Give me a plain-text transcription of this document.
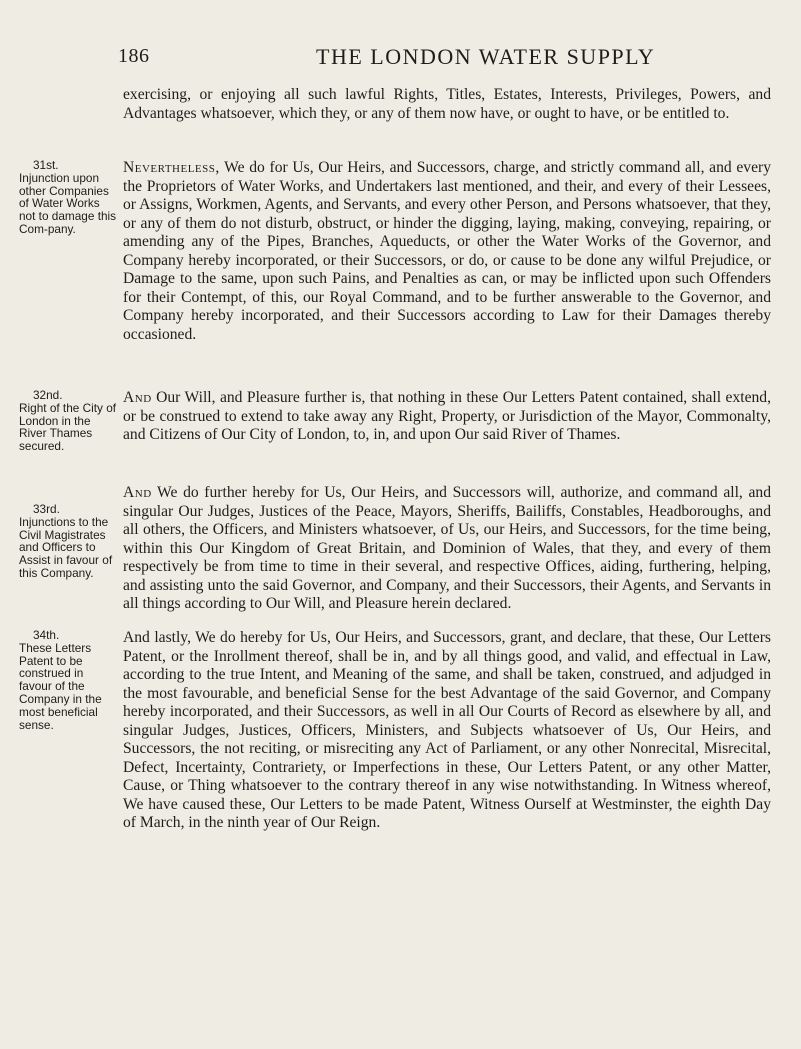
186	THE LONDON WATER SUPPLY

exercising, or enjoying all such lawful Rights, Titles, Estates, Interests, Privileges, Powers, and Advantages whatsoever, which they, or any of them now have, or ought to have, or be entitled to.

Nevertheless, We do for Us, Our Heirs, and Successors, charge, and strictly command all, and every the Proprietors of Water Works, and Undertakers last mentioned, and their, and every of their Lessees, or Assigns, Workmen, Agents, and Servants, and every other Person, and Persons whatsoever, that they, or any of them do not disturb, obstruct, or hinder the digging, laying, making, conveying, repairing, or amending any of the Pipes, Branches, Aqueducts, or other the Water Works of the Governor, and Company hereby incorporated, or their Successors, or do, or cause to be done any wilful Prejudice, or Damage to the same, upon such Pains, and Penalties as can, or may be inflicted upon such Offenders for their Contempt, of this, our Royal Command, and to be further answerable to the Governor, and Company hereby incorporated, and their Successors according to Law for their Damages thereby occasioned.

And Our Will, and Pleasure further is, that nothing in these Our Letters Patent contained, shall extend, or be construed to extend to take away any Right, Property, or Jurisdiction of the Mayor, Commonalty, and Citizens of Our City of London, to, in, and upon Our said River of Thames.

And We do further hereby for Us, Our Heirs, and Successors will, authorize, and command all, and singular Our Judges, Justices of the Peace, Mayors, Sheriffs, Bailiffs, Constables, Headboroughs, and all others, the Officers, and Ministers whatsoever, of Us, our Heirs, and Successors, for the time being, within this Our Kingdom of Great Britain, and Dominion of Wales, that they, and every of them respectively be from time to time in their several, and respective Offices, aiding, furthering, helping, and assisting unto the said Governor, and Company, and their Successors, their Agents, and Servants in all things according to Our Will, and Pleasure herein declared.

And lastly, We do hereby for Us, Our Heirs, and Successors, grant, and declare, that these, Our Letters Patent, or the Inrollment thereof, shall be in, and by all things good, and valid, and effectual in Law, according to the true Intent, and Meaning of the same, and shall be taken, construed, and adjudged in the most favourable, and beneficial Sense for the best Advantage of the said Governor, and Company hereby incorporated, and their Successors, as well in all Our Courts of Record as elsewhere by all, and singular Judges, Justices, Officers, Ministers, and Subjects whatsoever of Us, Our Heirs, and Successors, the not reciting, or misreciting any Act of Parliament, or any other Nonrecital, Misrecital, Defect, Incertainty, Contrariety, or Imperfections in these, Our Letters Patent, or any other Matter, Cause, or Thing whatsoever to the contrary thereof in any wise notwithstanding. In Witness whereof, We have caused these, Our Letters to be made Patent, Witness Ourself at Westminster, the eighth Day of March, in the ninth year of Our Reign.

31st.
Injunction upon other Companies of Water Works not to damage this Com-pany.
32nd.
Right of the City of London in the River Thames secured.
33rd.
Injunctions to the Civil Magistrates and Officers to Assist in favour of this Company.
34th.
These Letters Patent to be construed in favour of the Company in the most beneficial sense.
